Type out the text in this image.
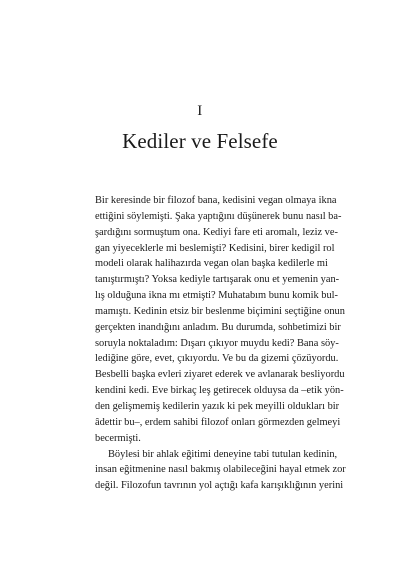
I
Kediler ve Felsefe
Bir keresinde bir filozof bana, kedisini vegan olmaya ikna
ettiğini söylemişti. Şaka yaptığını düşünerek bunu nasıl ba-
şardığını sormuştum ona. Kediyi fare eti aromalı, leziz ve-
gan yiyeceklerle mi beslemişti? Kedisini, birer kedigil rol
modeli olarak halihazırda vegan olan başka kedilerle mi
tanıştırmıştı? Yoksa kediyle tartışarak onu et yemenin yan-
lış olduğuna ikna mı etmişti? Muhatabım bunu komik bul-
mamıştı. Kedinin etsiz bir beslenme biçimini seçtiğine onun
gerçekten inandığını anladım. Bu durumda, sohbetimizi bir
soruyla noktaladım: Dışarı çıkıyor muydu kedi? Bana söy-
lediğine göre, evet, çıkıyordu. Ve bu da gizemi çözüyordu.
Besbelli başka evleri ziyaret ederek ve avlanarak besliyordu
kendini kedi. Eve birkaç leş getirecek olduysa da –etik yön-
den gelişmemiş kedilerin yazık ki pek meyilli oldukları bir
âdettir bu–, erdem sahibi filozof onları görmezden gelmeyi
becermişti.
Böylesi bir ahlak eğitimi deneyine tabi tutulan kedinin,
insan eğitmenine nasıl bakmış olabileceğini hayal etmek zor
değil. Filozofun tavrının yol açtığı kafa karışıklığının yerini
